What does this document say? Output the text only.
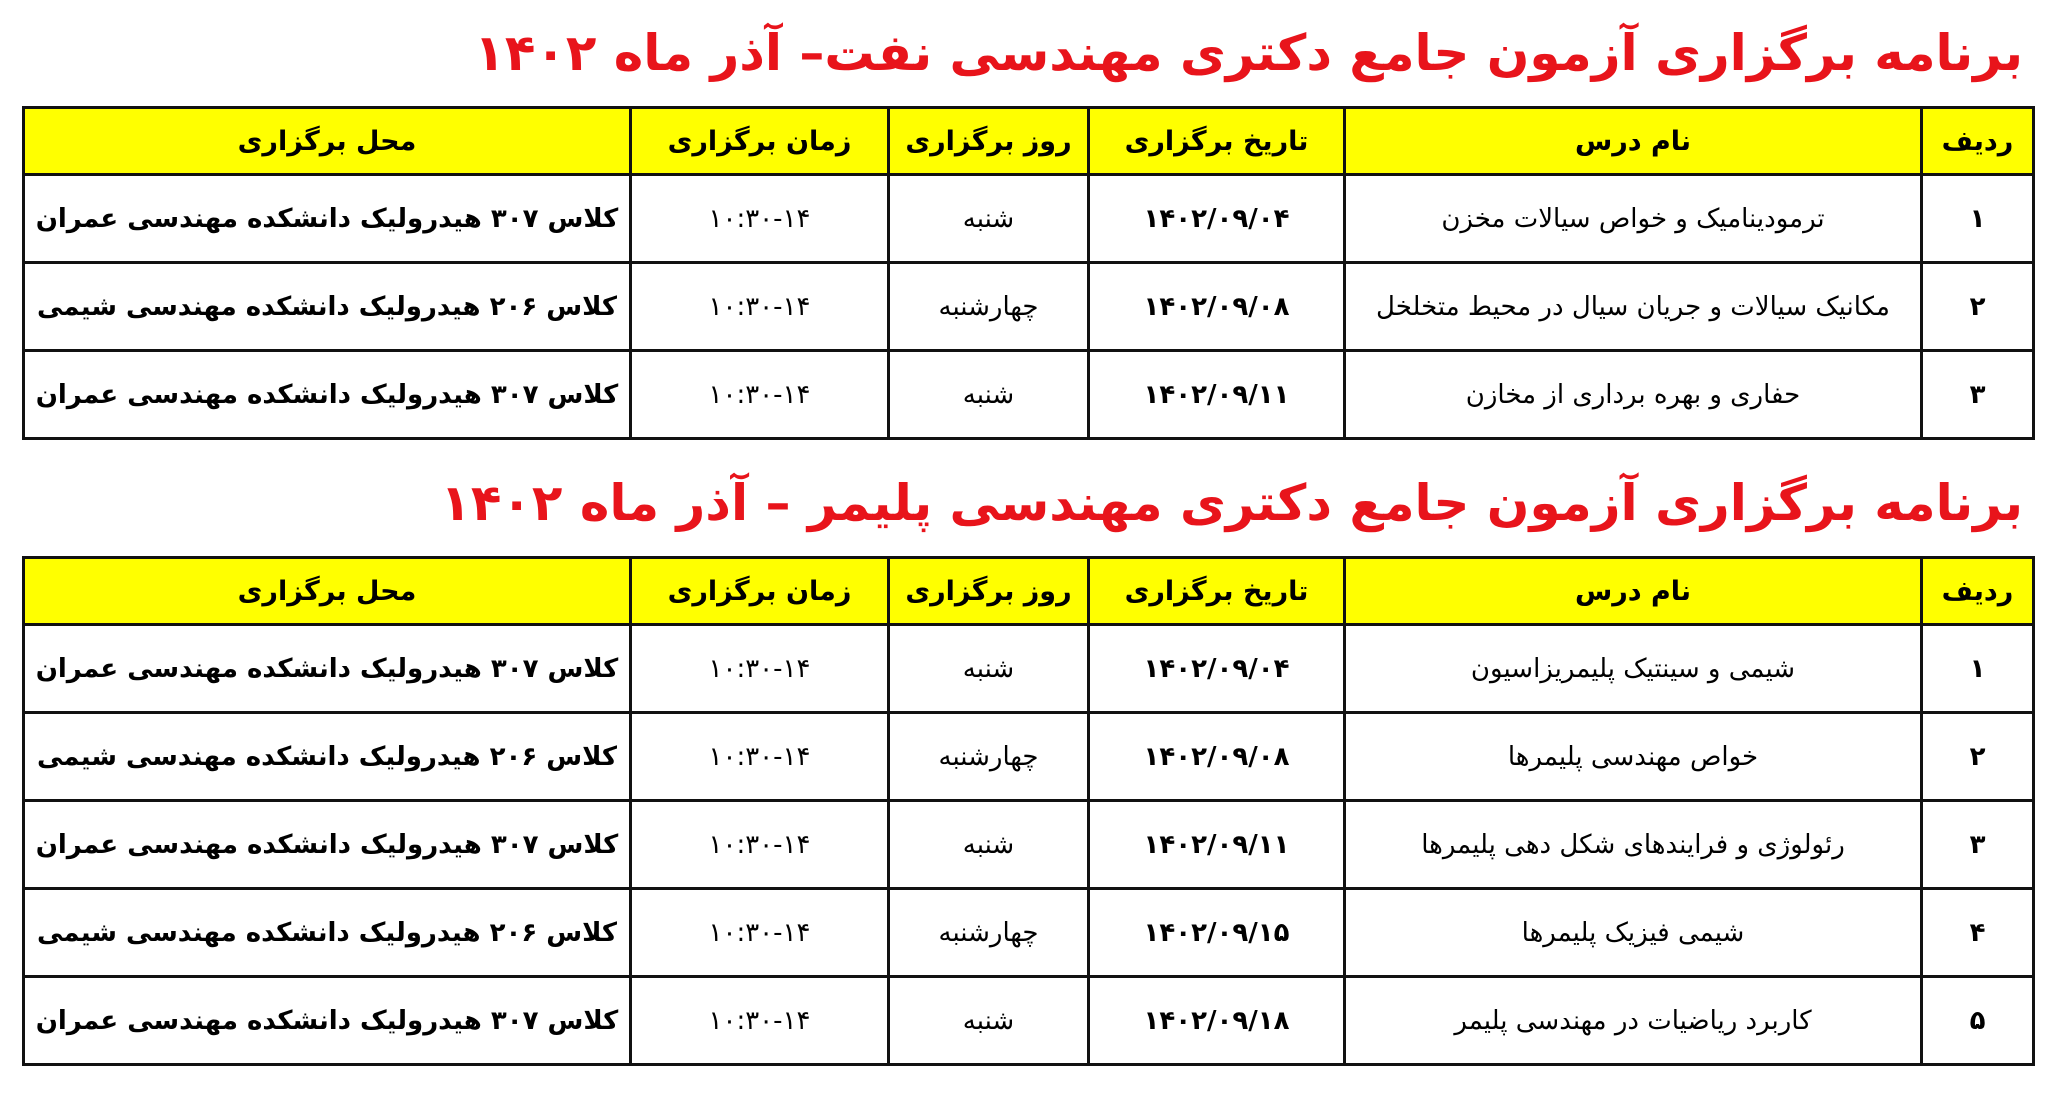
برنامه برگزاری آزمون جامع دکتری مهندسی نفت– آذر ماه ۱۴۰۲
ردیف	نام درس	تاریخ برگزاری	روز برگزاری	زمان برگزاری	محل برگزاری
۱	ترمودینامیک و خواص سیالات مخزن	۱۴۰۲/۰۹/۰۴	شنبه	۱۰:۳۰-۱۴	کلاس ۳۰۷ هیدرولیک دانشکده مهندسی عمران
۲	مکانیک سیالات و جریان سیال در محیط متخلخل	۱۴۰۲/۰۹/۰۸	چهارشنبه	۱۰:۳۰-۱۴	کلاس ۲۰۶ هیدرولیک دانشکده مهندسی شیمی
۳	حفاری و بهره برداری از مخازن	۱۴۰۲/۰۹/۱۱	شنبه	۱۰:۳۰-۱۴	کلاس ۳۰۷ هیدرولیک دانشکده مهندسی عمران
برنامه برگزاری آزمون جامع دکتری مهندسی پلیمر – آذر ماه ۱۴۰۲
ردیف	نام درس	تاریخ برگزاری	روز برگزاری	زمان برگزاری	محل برگزاری
۱	شیمی و سینتیک پلیمریزاسیون	۱۴۰۲/۰۹/۰۴	شنبه	۱۰:۳۰-۱۴	کلاس ۳۰۷ هیدرولیک دانشکده مهندسی عمران
۲	خواص مهندسی پلیمرها	۱۴۰۲/۰۹/۰۸	چهارشنبه	۱۰:۳۰-۱۴	کلاس ۲۰۶ هیدرولیک دانشکده مهندسی شیمی
۳	رئولوژی و فرایندهای شکل دهی پلیمرها	۱۴۰۲/۰۹/۱۱	شنبه	۱۰:۳۰-۱۴	کلاس ۳۰۷ هیدرولیک دانشکده مهندسی عمران
۴	شیمی فیزیک پلیمرها	۱۴۰۲/۰۹/۱۵	چهارشنبه	۱۰:۳۰-۱۴	کلاس ۲۰۶ هیدرولیک دانشکده مهندسی شیمی
۵	کاربرد ریاضیات در مهندسی پلیمر	۱۴۰۲/۰۹/۱۸	شنبه	۱۰:۳۰-۱۴	کلاس ۳۰۷ هیدرولیک دانشکده مهندسی عمران
